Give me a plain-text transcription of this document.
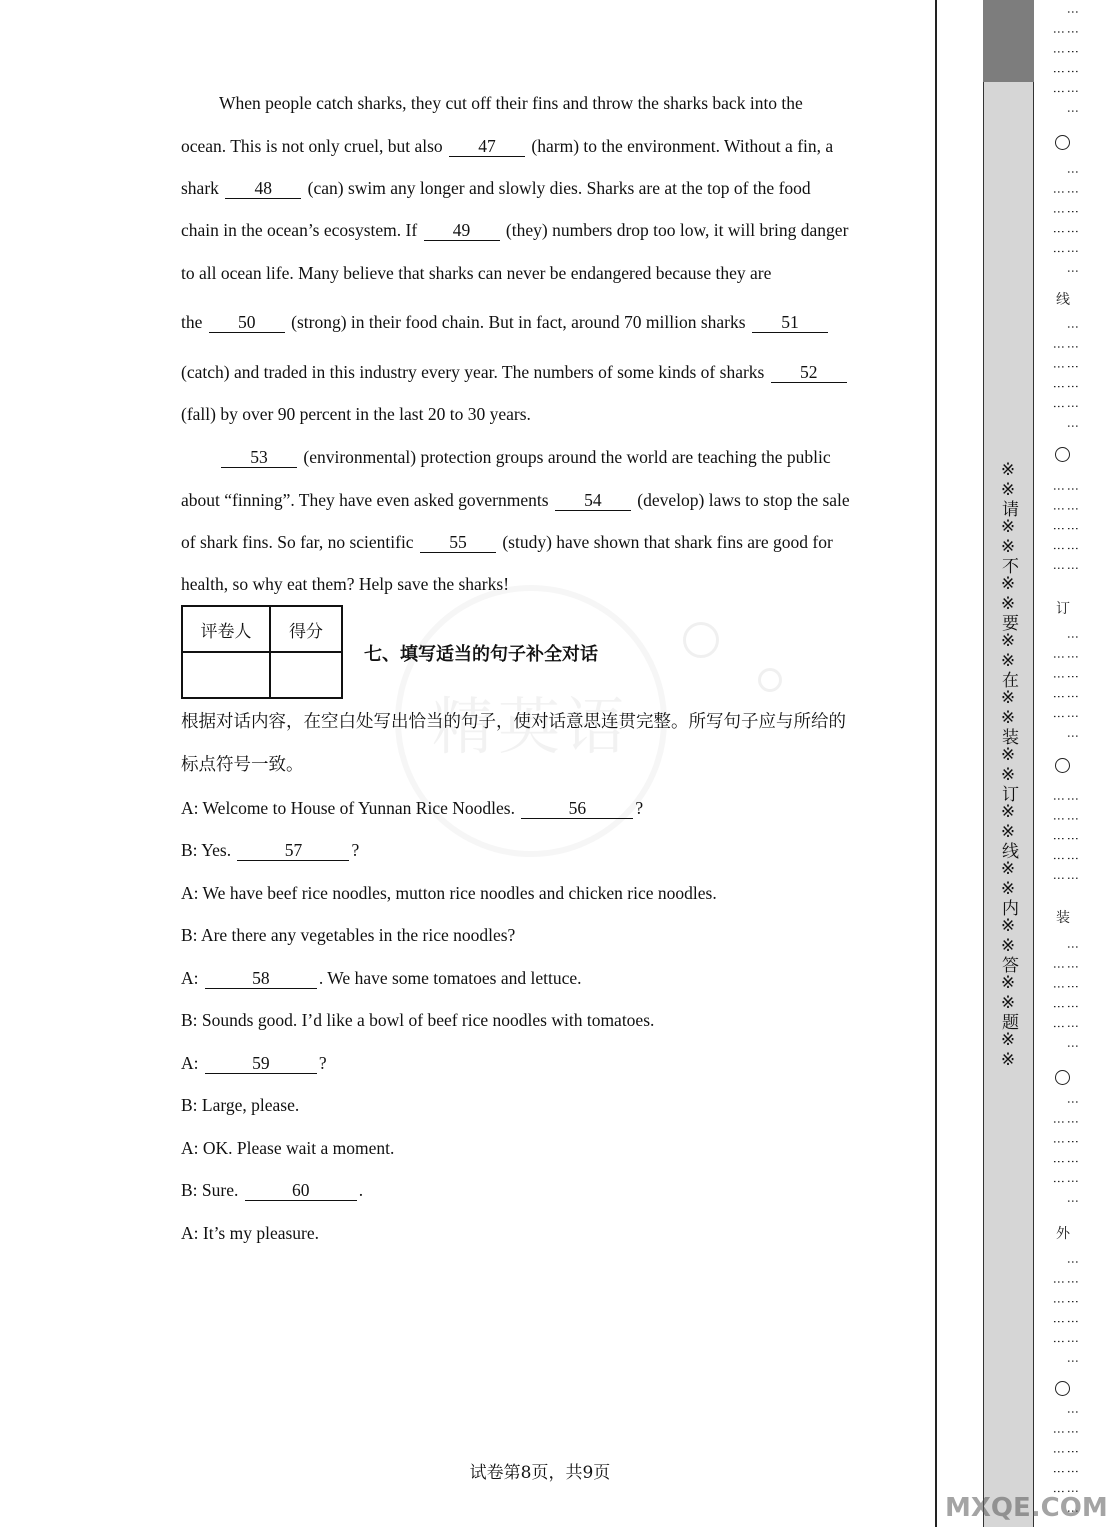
精英语
When people catch sharks, they cut off their fins and throw the sharks back into the
ocean. This is not only cruel, but also 47 (harm) to the environment. Without a fin, a
shark 48 (can) swim any longer and slowly dies. Sharks are at the top of the food
chain in the ocean’s ecosystem. If 49 (they) numbers drop too low, it will bring danger
to all ocean life. Many believe that sharks can never be endangered because they are
the 50 (strong) in their food chain. But in fact, around 70 million sharks 51
(catch) and traded in this industry every year. The numbers of some kinds of sharks 52
(fall) by over 90 percent in the last 20 to 30 years.
53 (environmental) protection groups around the world are teaching the public
about “finning”. They have even asked governments 54 (develop) laws to stop the sale
of shark fins. So far, no scientific 55 (study) have shown that shark fins are good for
health, so why eat them? Help save the sharks!
根据对话内容，在空白处写出恰当的句子，使对话意思连贯完整。所写句子应与所给的
标点符号一致。
A: Welcome to House of Yunnan Rice Noodles.	56	?
B: Yes.	57	?
A: We have beef rice noodles, mutton rice noodles and chicken rice noodles.
B: Are there any vegetables in the rice noodles?
A:	58	. We have some tomatoes and lettuce.
B: Sounds good. I’d like a bowl of beef rice noodles with tomatoes.
A:	59	?
B: Large, please.
A: OK. Please wait a moment.
B: Sure.	60	.
A: It’s my pleasure.
评卷人	得分

七、填写适当的句子补全对话
试卷第8页，共9页
※※请※※不※※要※※在※※装※※订※※线※※内※※答※※题※※
线
订
装
外
⋮ ⋮ ⋮ ⋮ ⋮ ⋮ ⋮ ⋮ ⋮ ⋮
⋮ ⋮ ⋮ ⋮ ⋮ ⋮ ⋮ ⋮ ⋮ ⋮
⋮ ⋮ ⋮ ⋮ ⋮ ⋮ ⋮ ⋮ ⋮ ⋮
⋮ ⋮ ⋮ ⋮ ⋮ ⋮ ⋮ ⋮ ⋮ ⋮
⋮ ⋮ ⋮ ⋮ ⋮ ⋮ ⋮ ⋮ ⋮ ⋮
⋮ ⋮ ⋮ ⋮ ⋮ ⋮ ⋮ ⋮ ⋮ ⋮
⋮ ⋮ ⋮ ⋮ ⋮ ⋮ ⋮ ⋮ ⋮ ⋮
⋮ ⋮ ⋮ ⋮ ⋮ ⋮ ⋮ ⋮ ⋮ ⋮
⋮ ⋮ ⋮ ⋮ ⋮ ⋮ ⋮ ⋮ ⋮ ⋮
⋮ ⋮ ⋮ ⋮ ⋮ ⋮ ⋮ ⋮ ⋮ ⋮
MXQE.COM
